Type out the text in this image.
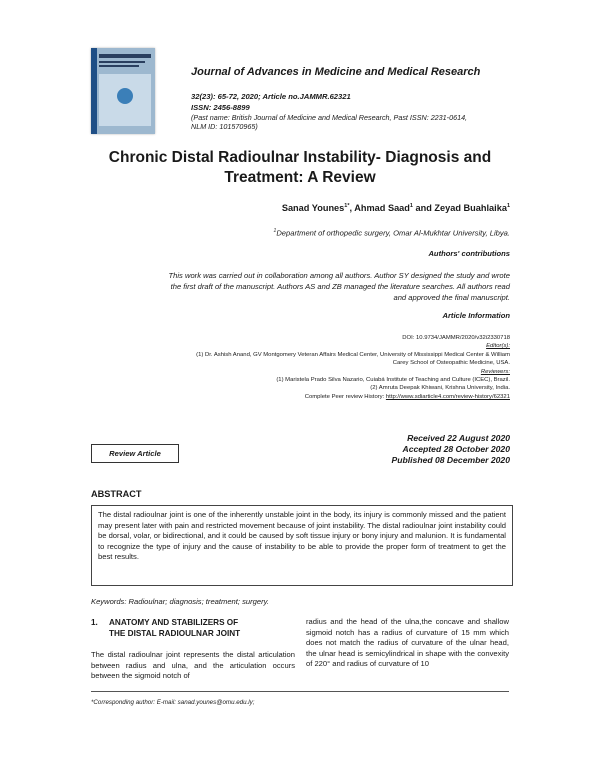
Journal of Advances in Medicine and Medical Research
32(23): 65-72, 2020; Article no.JAMMR.62321
ISSN: 2456-8899
(Past name: British Journal of Medicine and Medical Research, Past ISSN: 2231-0614,
NLM ID: 101570965)
Chronic Distal Radioulnar Instability- Diagnosis and
Treatment: A Review
Sanad Younes$^{1*}$, Ahmad Saad$^1$ and Zeyad Buahlaika$^1$
$^1$Department of orthopedic surgery, Omar Al-Mukhtar University, Libya.
Authors' contributions
This work was carried out in collaboration among all authors. Author SY designed the study and wrote
the first draft of the manuscript. Authors AS and ZB managed the literature searches. All authors read
and approved the final manuscript.
Article Information
DOI: 10.9734/JAMMR/2020/v32i2330718
Editor(s):
(1) Dr. Ashish Anand, GV Montgomery Veteran Affairs Medical Center, University of Mississippi Medical Center & William
Carey School of Osteopathic Medicine, USA.
Reviewers:
(1) Maristela Prado Silva Nazario, Cuiabá Institute of Teaching and Culture (ICEC), Brazil.
(2) Amruta Deepak Khiwani, Krishna University, India.
Complete Peer review History: http://www.sdiarticle4.com/review-history/62321
Review Article
Received 22 August 2020
Accepted 28 October 2020
Published 08 December 2020
ABSTRACT
The distal radioulnar joint is one of the inherently unstable joint in the body, its injury is commonly missed and the patient may present later with pain and restricted movement because of joint instability. The distal radioulnar joint instability could be dorsal, volar, or bidirectional, and it could be caused by soft tissue injury or bony injury and malunion. It is fundamental to recognize the type of injury and the cause of instability to be able to provide the proper form of treatment to get the best results.
Keywords: Radioulnar; diagnosis; treatment; surgery.
1. ANATOMY AND STABILIZERS OF
THE DISTAL RADIOULNAR JOINT
The distal radioulnar joint represents the distal articulation between radius and ulna, and the articulation occurs between the sigmoid notch of
radius and the head of the ulna,the concave and shallow sigmoid notch has a radius of curvature of 15 mm which does not match the radius of curvature of the ulnar head, the ulnar head is semicylindrical in shape with the convexity of 220° and radius of curvature of 10
*Corresponding author: E-mail: sanad.younes@omu.edu.ly;
